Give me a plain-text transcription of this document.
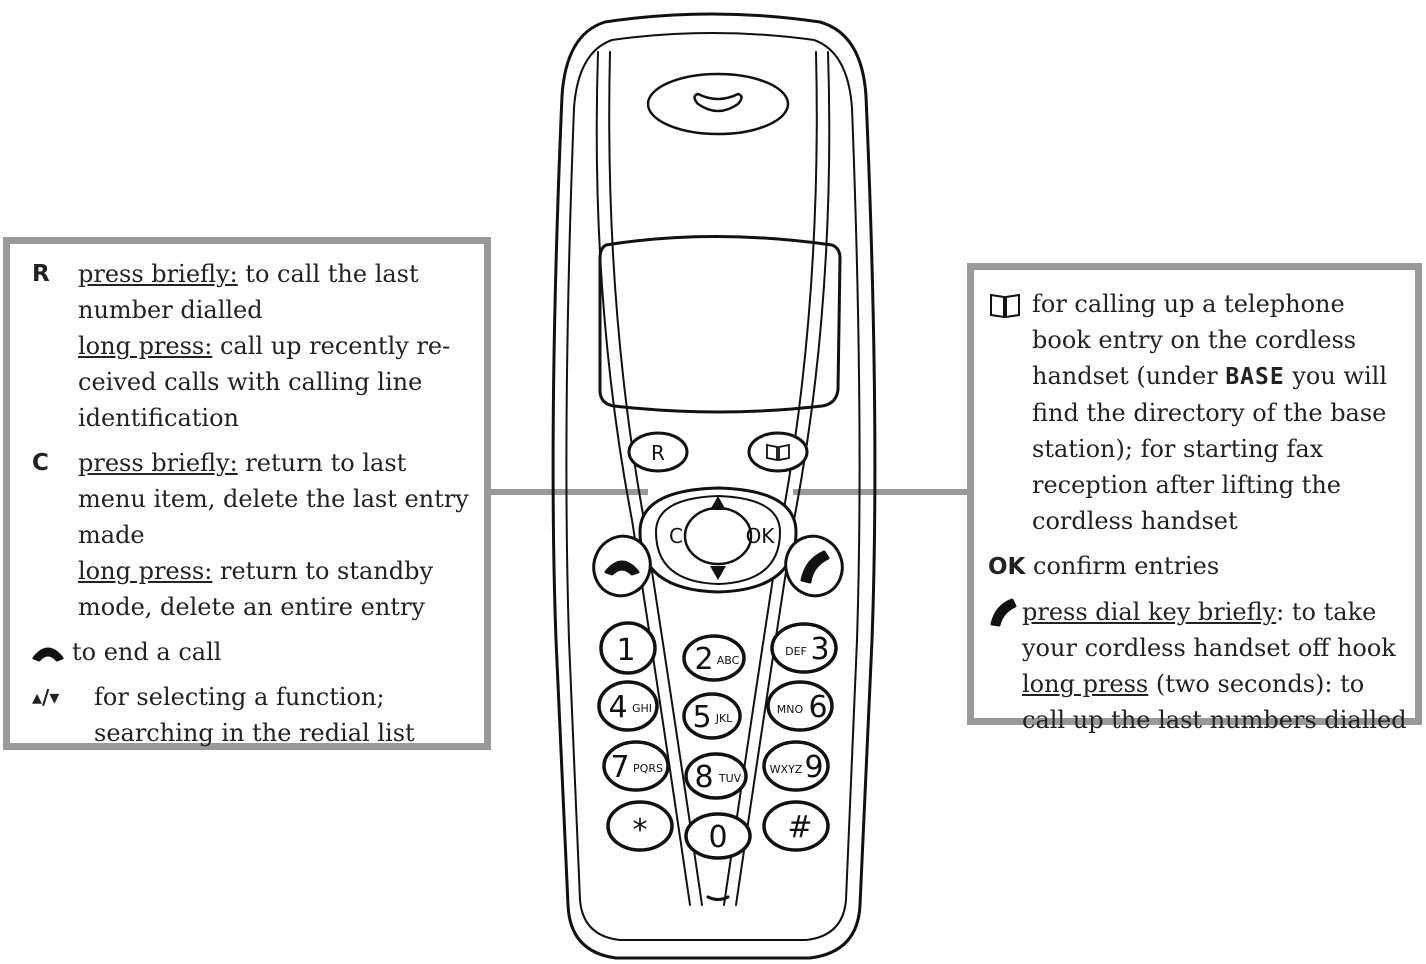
R
C	OK
1 2 ABC
DEF 3
4 GHI 5 JKL
MNO 6
7 PQRS 8 TUV
WXYZ 9
* 0 #
R	press briefly: to call the last number dialled
long press: call up recently re-ceived calls with calling line identification
C	press briefly: return to last menu item, delete the last entry made
long press: return to standby mode, delete an entire entry
to end a call
▴/▾	for selecting a function; searching in the redial list
for calling up a telephone book entry on the cordless handset (under BASE you will find the directory of the base station); for starting fax reception after lifting the cordless handset
OK confirm entries
press dial key briefly: to take your cordless handset off hook
long press (two seconds): to call up the last numbers dialled
